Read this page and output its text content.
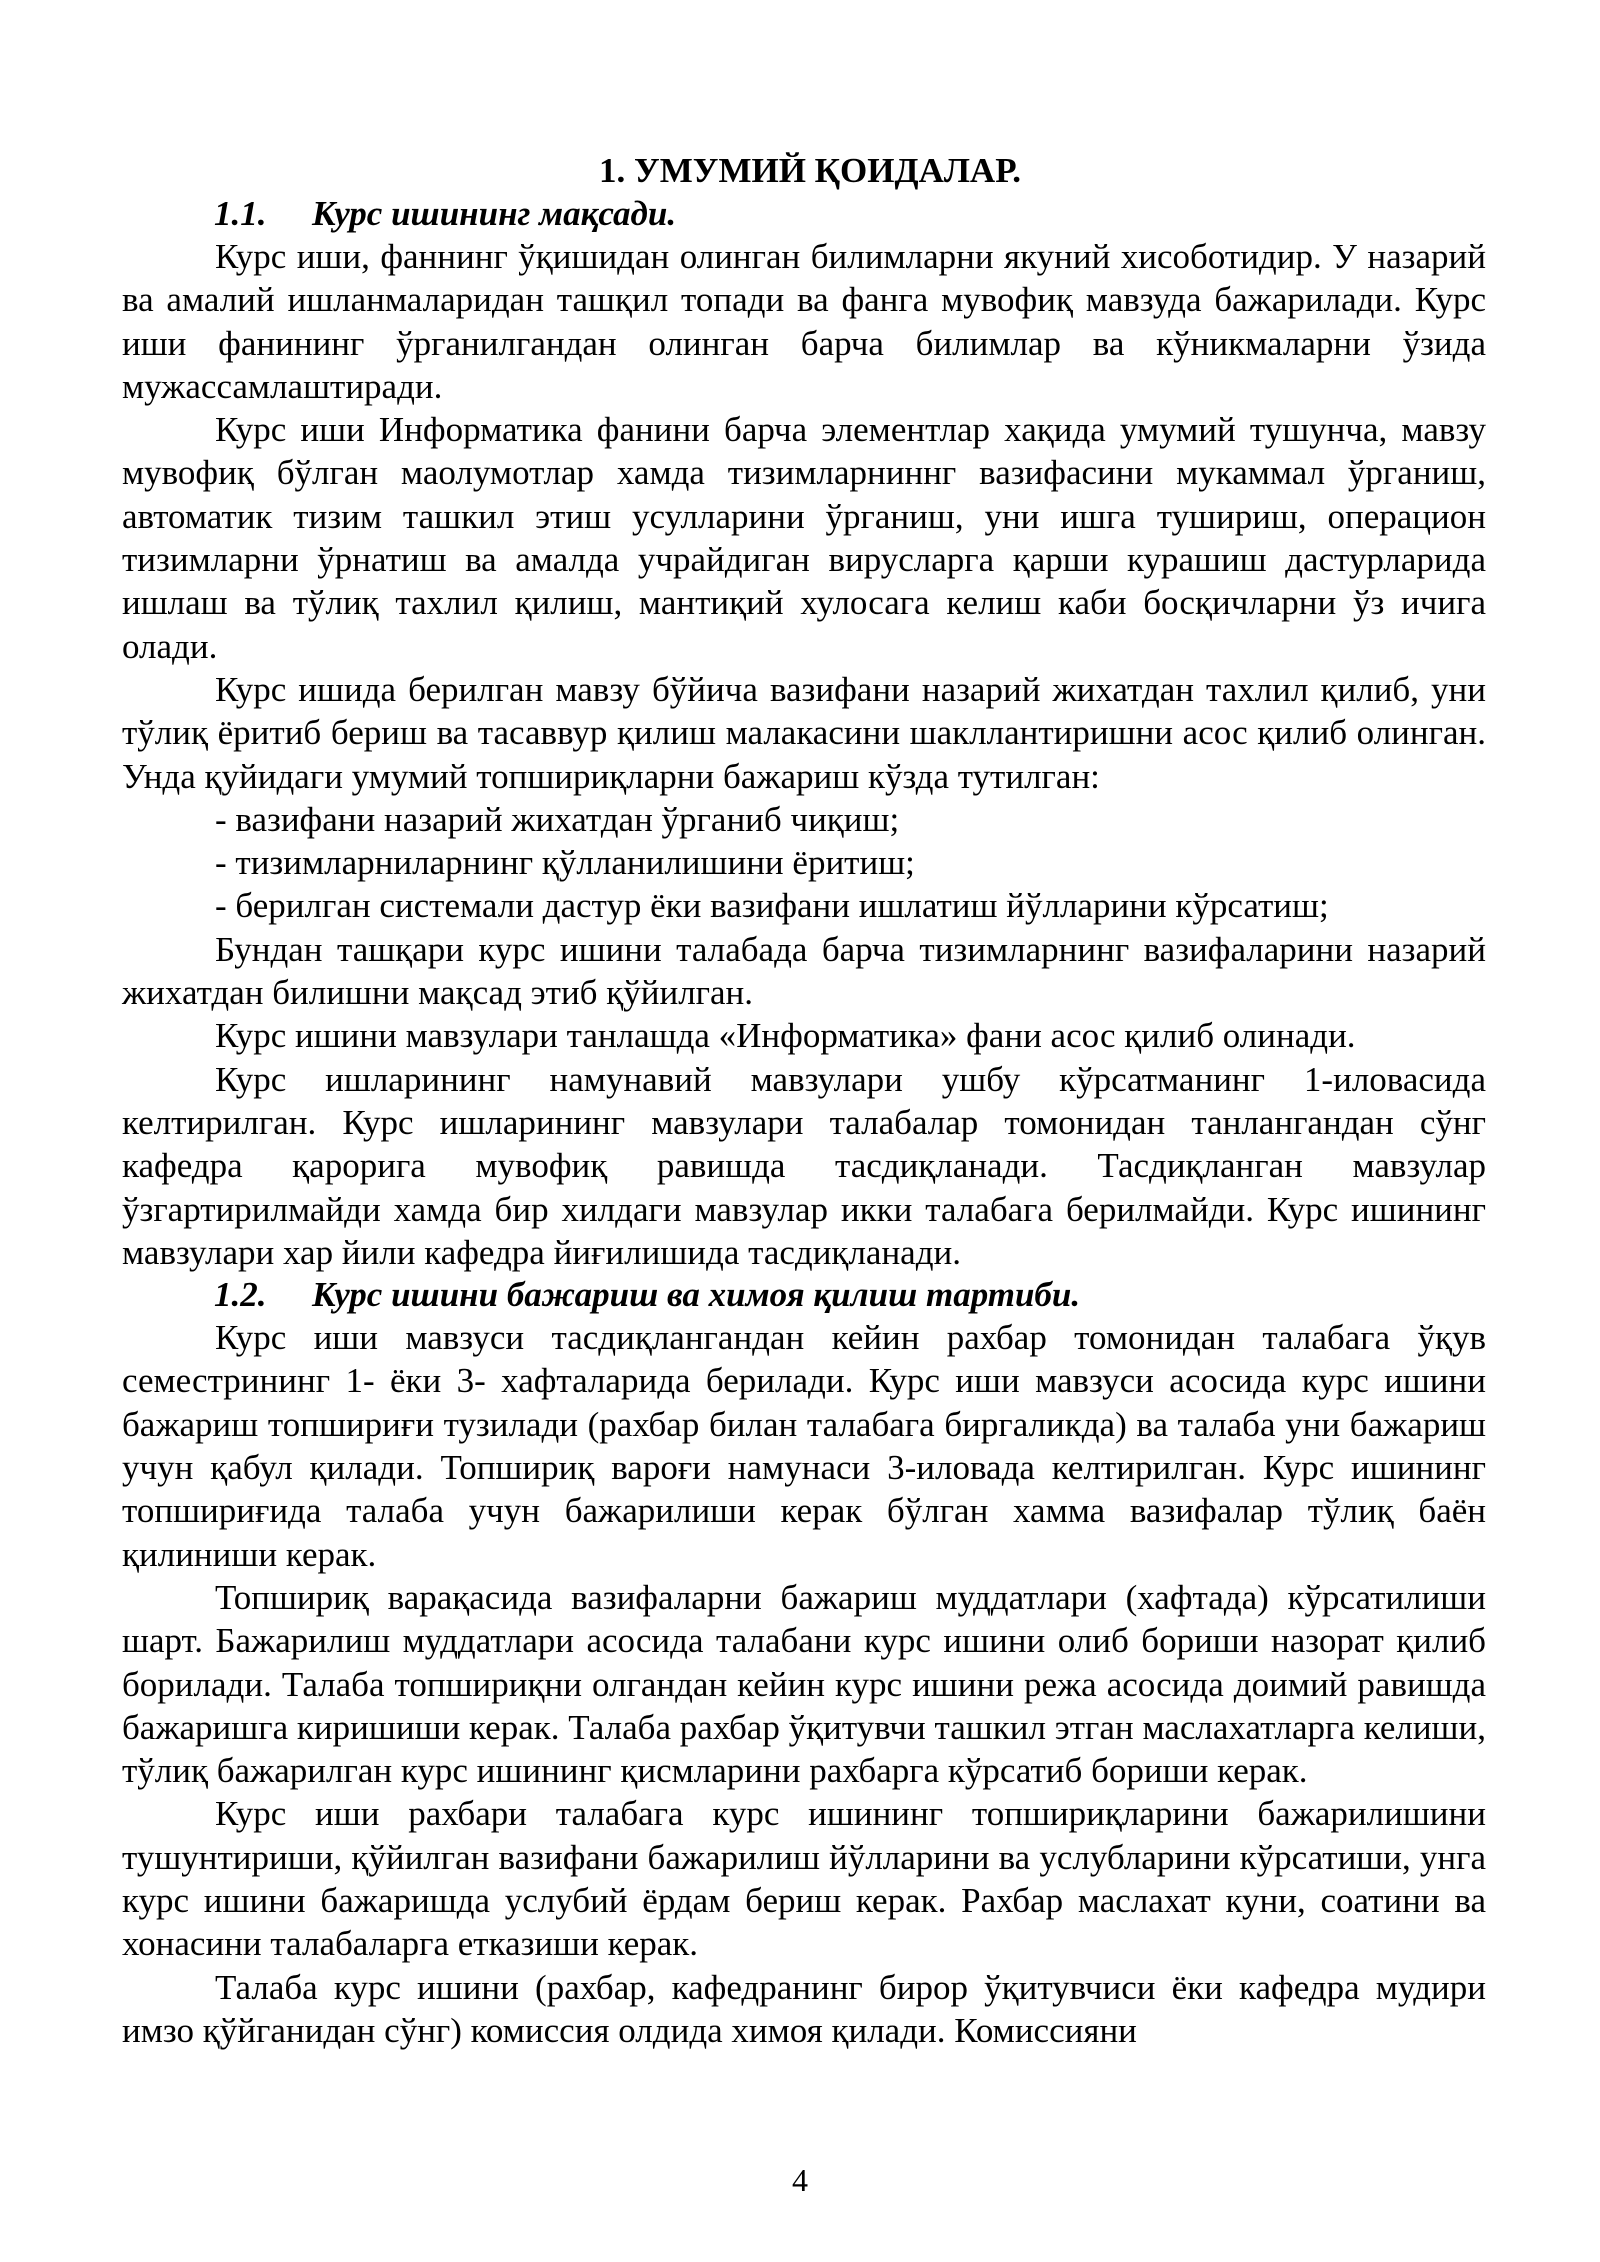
1. УМУМИЙ ҚОИДАЛАР.
1.1. Курс ишининг мақсади.

Курс иши, фаннинг ўқишидан олинган билимларни якуний хисоботидир. У назарий ва амалий ишланмаларидан ташқил топади ва фанга мувофиқ мавзуда бажарилади. Курс иши фанининг ўрганилгандан олинган барча билимлар ва кўникмаларни ўзида мужассамлаштиради.

Курс иши Информатика фанини барча элементлар хақида умумий тушунча, мавзу мувофиқ бўлган маолумотлар хамда тизимларниннг вазифасини мукаммал ўрганиш, автоматик тизим ташкил этиш усулларини ўрганиш, уни ишга тушириш, операцион тизимларни ўрнатиш ва амалда учрайдиган вирусларга қарши курашиш дастурларида ишлаш ва тўлиқ тахлил қилиш, мантиқий хулосага келиш каби босқичларни ўз ичига олади.

Курс ишида берилган мавзу бўйича вазифани назарий жихатдан тахлил қилиб, уни тўлиқ ёритиб бериш ва тасаввур қилиш малакасини шакллантиришни асос қилиб олинган. Унда қуйидаги умумий топшириқларни бажариш кўзда тутилган:

- вазифани назарий жихатдан ўрганиб чиқиш;

- тизимларниларнинг қўлланилишини ёритиш;

- берилган системали дастур ёки вазифани ишлатиш йўлларини кўрсатиш;

Бундан ташқари курс ишини талабада барча тизимларнинг вазифаларини назарий жихатдан билишни мақсад этиб қўйилган.

Курс ишини мавзулари танлашда «Информатика» фани асос қилиб олинади.

Курс ишларининг намунавий мавзулари ушбу кўрсатманинг 1-иловасида келтирилган. Курс ишларининг мавзулари талабалар томонидан танлангандан сўнг кафедра қарорига мувофиқ равишда тасдиқланади. Тасдиқланган мавзулар ўзгартирилмайди хамда бир хилдаги мавзулар икки талабага берилмайди. Курс ишининг мавзулари хар йили кафедра йиғилишида тасдиқланади.

1.2. Курс ишини бажариш ва химоя қилиш тартиби.

Курс иши мавзуси тасдиқлангандан кейин рахбар томонидан талабага ўқув семестрининг 1- ёки 3- хафталарида берилади. Курс иши мавзуси асосида курс ишини бажариш топшириғи тузилади (рахбар билан талабага биргаликда) ва талаба уни бажариш учун қабул қилади. Топшириқ вароғи намунаси 3-иловада келтирилган. Курс ишининг топшириғида талаба учун бажарилиши керак бўлган хамма вазифалар тўлиқ баён қилиниши керак.

Топшириқ варақасида вазифаларни бажариш муддатлари (хафтада) кўрсатилиши шарт. Бажарилиш муддатлари асосида талабани курс ишини олиб бориши назорат қилиб борилади. Талаба топшириқни олгандан кейин курс ишини режа асосида доимий равишда бажаришга киришиши керак. Талаба рахбар ўқитувчи ташкил этган маслахатларга келиши, тўлиқ бажарилган курс ишининг қисмларини рахбарга кўрсатиб бориши керак.

Курс иши рахбари талабага курс ишининг топшириқларини бажарилишини тушунтириши, қўйилган вазифани бажарилиш йўлларини ва услубларини кўрсатиши, унга курс ишини бажаришда услубий ёрдам бериш керак. Рахбар маслахат куни, соатини ва хонасини талабаларга етказиши керак.

Талаба курс ишини (рахбар, кафедранинг бирор ўқитувчиси ёки кафедра мудири имзо қўйганидан сўнг) комиссия олдида химоя қилади. Комиссияни

4
